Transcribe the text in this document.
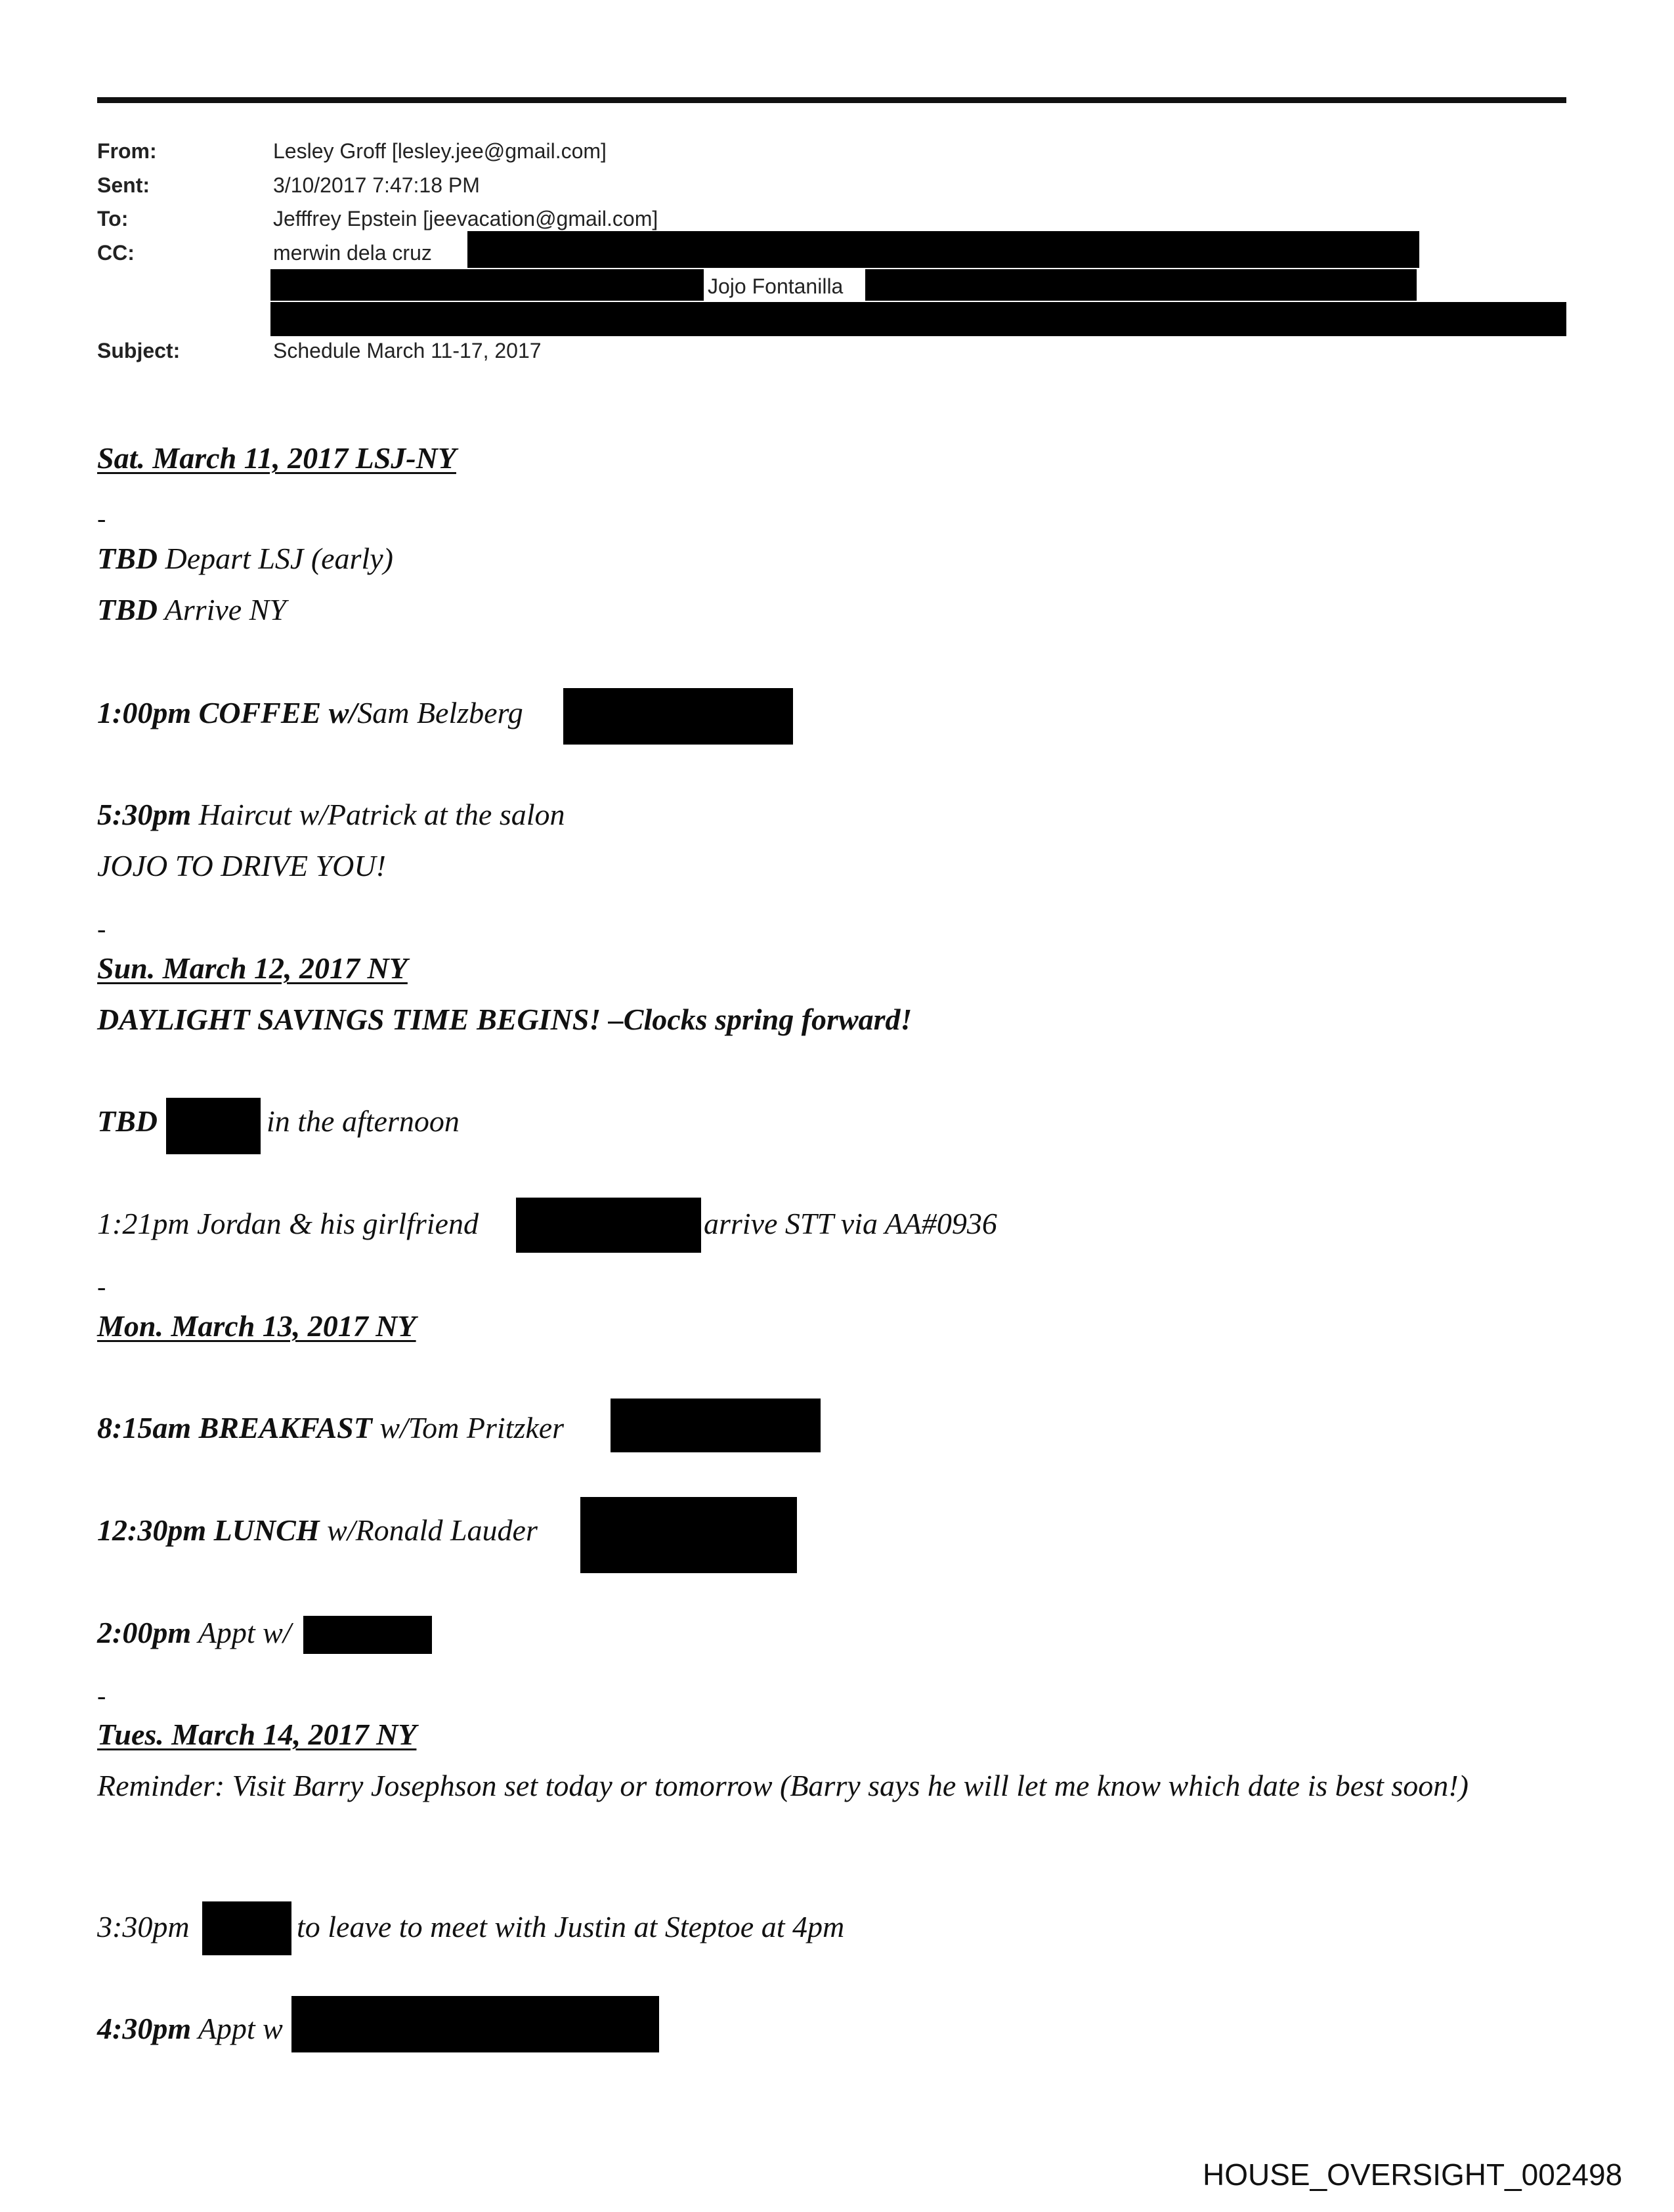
From:	Lesley Groff [lesley.jee@gmail.com]
Sent:	3/10/2017 7:47:18 PM
To:	Jefffrey Epstein [jeevacation@gmail.com]
CC:	merwin dela cruz
Jojo Fontanilla
Subject:	Schedule March 11-17, 2017
Sat. March 11, 2017 LSJ-NY
-
TBD Depart LSJ (early)
TBD Arrive NY
1:00pm COFFEE w/Sam Belzberg
5:30pm Haircut w/Patrick at the salon
JOJO TO DRIVE YOU!
-
Sun. March 12, 2017 NY
DAYLIGHT SAVINGS TIME BEGINS! –Clocks spring forward!
TBD	in the afternoon
1:21pm Jordan & his girlfriend	arrive STT via AA#0936
-
Mon. March 13, 2017 NY
8:15am BREAKFAST w/Tom Pritzker
12:30pm LUNCH w/Ronald Lauder
2:00pm Appt w/
-
Tues. March 14, 2017 NY
Reminder: Visit Barry Josephson set today or tomorrow (Barry says he will let me know which date is best soon!)
3:30pm	to leave to meet with Justin at Steptoe at 4pm
4:30pm Appt w
HOUSE_OVERSIGHT_002498
